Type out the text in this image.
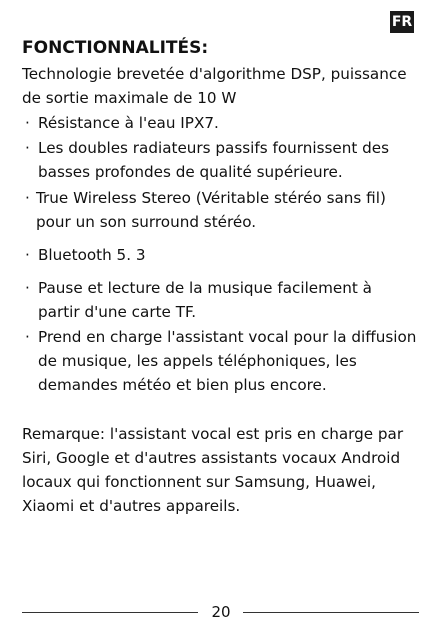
FR
FONCTIONNALITÉS:
Technologie brevetée d'algorithme DSP, puissance
de sortie maximale de 10 W
· Résistance à l'eau IPX7.
· Les doubles radiateurs passifs fournissent des
basses profondes de qualité supérieure.
· True Wireless Stereo (Véritable stéréo sans fil)
pour un son surround stéréo.
· Bluetooth 5. 3
· Pause et lecture de la musique facilement à
partir d'une carte TF.
· Prend en charge l'assistant vocal pour la diffusion
de musique, les appels téléphoniques, les
demandes météo et bien plus encore.
Remarque: l'assistant vocal est pris en charge par
Siri, Google et d'autres assistants vocaux Android
locaux qui fonctionnent sur Samsung, Huawei,
Xiaomi et d'autres appareils.
20
